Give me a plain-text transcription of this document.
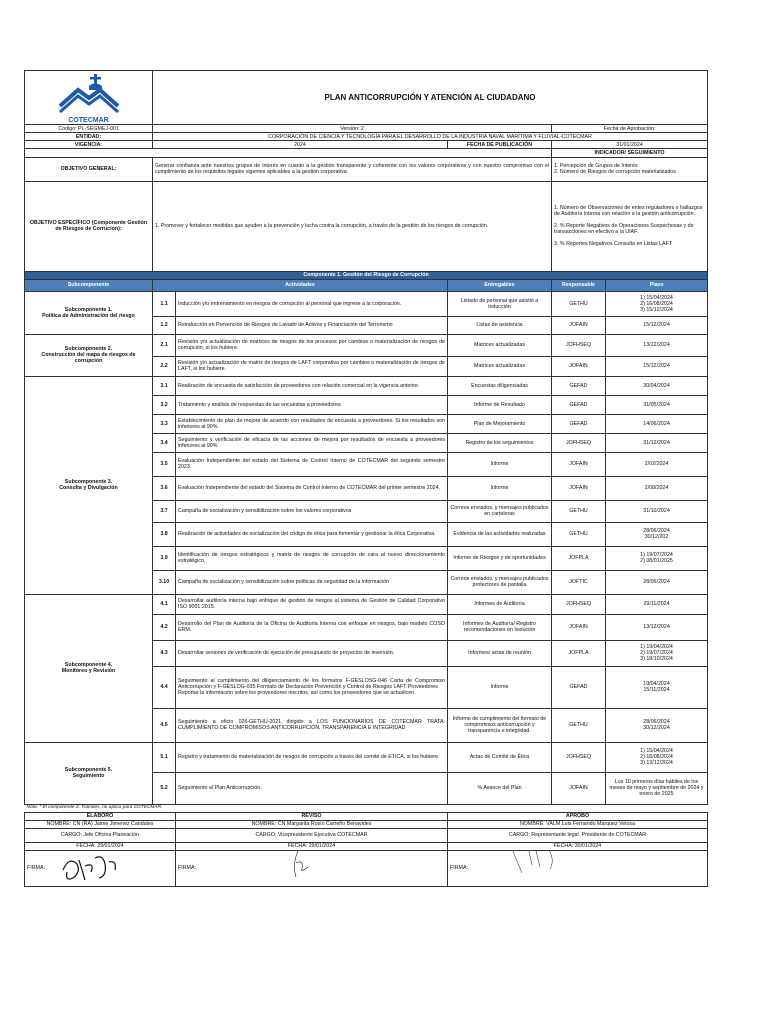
COTECMAR	PLAN ANTICORRUPCIÓN Y ATENCIÓN AL CIUDADANO				
Código: PL-SEGMEJ-001	Versión: 2			Fecha de Aprobación:	
ENTIDAD:	CORPORACIÓN DE CIENCIA Y TECNOLOGÍA PARA EL DESARROLLO DE LA INDUSTRIA NAVAL MARÍTIMA Y FLUVIAL-COTECMAR				
VIGENCIA:	2024		FECHA DE PUBLICACIÓN	31/01/2024	
				INDICADOR/ SEGUIMIENTO	
OBJETIVO GENERAL:	Generar confianza ante nuestros grupos de interés en cuanto a la gestión transparente y coherente con los valores corporativos y con nuestro compromiso con el cumplimiento de los requisitos legales vigentes aplicables a la gestión corporativa.			1. Percepción de Grupos de Interés
2. Número de Riesgos de corrupción materializados	
OBJETIVO ESPECÍFICO (Componente Gestión de Riesgos de Corrución):	1. Promover y fortalecer medidas que ayuden a la prevención y lucha contra la corrupción, a través de la gestión de los riesgos de corrupción.			1. Número de Observaciones de entes reguladores o hallazgos de Auditoría Interna con relación a la gestión anticorrupción.

2. % Reporte Negativos de Operaciones Sospechosas y de transacciones en efectivo a la UIAF.

3. % Reportes Negativos Consulta en Listas LAFT	
Componente 1. Gestión del Riesgo de Corrupción					
Subcomponente	Actividades		Entregables	Responsable	Plazo
Subcomponente 1.
Política de Administración del riesgo	1.1	Inducción y/o entrenamiento en riesgos de corrupción al personal que ingrese a la corporación.	Listado de personal que asistió a inducción	GETHU	1) 15/04/2024
2) 16/08/2024
3) 15/12/2024
	1.2	Reinducción en Prevención de Riesgos de Lavado de Activos y Financiación del Terrorismo	Listas de asistencia	JOFAIN	15/12/2024
Subcomponente 2.
Construcción del mapa de riesgos de corrupción	2.1	Revisión y/o actualización de matrices de riesgos de los procesos por cambios o materialización de riesgos de corrupción, si los hubiere.	Matrices actualizadas	JOFHSEQ	13/12/2024
	2.2	Revisión y/o actualización de matriz de riesgos de LAFT corporativa por cambios o materialización de riesgos de LAFT, si los hubiere.	Matrices actualizadas	JOFAIN	15/12/2024
Subcomponente 3.
Consulta y Divulgación	3.1	Realización de encuesta de satisfacción de proveedores con relación comercial en la vigencia anterior.	Encuestas diligenciadas	GEFAD	30/04/2024
	3.2	Tratamiento y análisis de respuestas de las encuestas a proveedores	Informe de Resultado	GEFAD	31/05/2024
	3.3	Establecimiento de plan de mejora de acuerdo con resultados de encuesta a proveedores. Si los resultados son inferiores al 90%	Plan de Mejoramiento	GEFAD	14/06/2024
	3.4	Seguimiento y verificación de eficacia de las acciones de mejora por resultados de encuesta a proveedores inferiores al 90%	Registro de los seguimientos	JOFHSEQ	31/12/2024
	3.5	Evaluación Independiente del estado del Sistema de Control Interno de COTECMAR del segundo semestre 2023.	Informe	JOFAIN	2/02/2024
	3.6	Evaluación Independiente del estado del Sistema de Control Interno de COTECMAR del primer semestre 2024.	Informe	JOFAIN	2/08/2024
	3.7	Campaña de socialización y sensibilización sobre los valores corporativos	Correos enviados, y mensajes publicados en carteleras	GETHU	31/10/2024
	3.8	Realización de actividades de socialización del código de ética para fomentar y gestionar la ética Corporativa.	Evidencia de las actividades realizadas	GETHU	28/06/2024
30/12/202
	3.9	Identificación de riesgos estratégicos y matriz de riesgos de corrupción de cara al nuevo direccionamiento estratégico.	Informe de Riesgos y de oportunidades	JOFPLA	1) 19/07/2024
2) 08/01/2025
	3.10	Campaña de socialización y sensibilización sobre políticas de seguridad de la información	Correos enviados, y mensajes publicados protectores de pantalla	JOFTIC	28/06/2024
Subcomponente 4.
Monitoreo y Revisión	4.1	Desarrollar auditoría interna bajo enfoque de gestión de riesgos al sistema de Gestión de Calidad Corporativo ISO 9001:2015.	Informes de Auditoría	JOFHSEQ	29/11/2024
	4.2	Desarrollo del Plan de Auditoría de la Oficina de Auditoría Interna con enfoque en riesgos, bajo modelo COSO ERM.	Informes de Auditoría/ Registro recomendaciones en Isolución	JOFAIN	13/12/2024
	4.3	Desarrollar sesiones de verificación de ejecución de presupuesto de proyectos de inversión.	Informes/ actas de reunión	JOFPLA	1) 19/04/2024
2) 19/07/2024
3) 18/10/2024
	4.4	Seguimiento al cumplimiento del diligenciamiento de los formatos F-GESLOSG-046 Carta de Compromiso Anticorrupción y F-GESLOG-035 Formato de Declaración Prevención y Control de Riesgos LAFT Proveedores
Reportar la información sobre los proveedores inscritos, así como los proveedores que se actualicen.	Informe	GEFAD	19/04/2024
15/11/2024
	4.5	Seguimiento a oficio 026-GETHU-2021 dirigido a LOS FUNCIONARIOS DE COTECMAR TRATA: CUMPLIMIENTO DE COMPROMISOS ANTICORRUPCIÓN, TRANSPARENCIA E INTEGRIDAD	Informe de cumplimiento del formato de compromisos anticorrupción y transparencia e integridad.	GETHU	28/06/2024
30/12/2024
Subcomponente 5.
Seguimiento	5.1	Registro y tratamiento de materialización de riesgos de corrupción a través del comité de ETICA, si los hubiere.	Actas de Comité de Ética	JOFHSEQ	1) 15/04/2024
2) 16/08/2024
3) 13/12/2024
	5.2	Seguimiento al Plan Anticorrupción.	% Avance del Plan	JOFAIN	Los 10 primeros días hábiles de los meses de mayo y septiembre de 2024 y enero de 2025
Nota: * El componente 2. Trámites, no aplica para COTECMAR.					
ELABORÓ	REVISÓ	APROBÓ
NOMBRE: CN (RA) Jaime Jimenez Candales	NOMBRE: CN Margarita Rosío Carreño Benavides	NOMBRE: VALM Luis Fernando Márquez Velosa
CARGO: Jefe Oficina Planeación	CARGO: Vicepresidente Ejecutiva COTECMAR	CARGO: Representante legal. Presidente de COTECMAR
FECHA: 29/01/2024	FECHA: 29/01/2024	FECHA: 30/01/2024
FIRMA:	FIRMA:	FIRMA:
